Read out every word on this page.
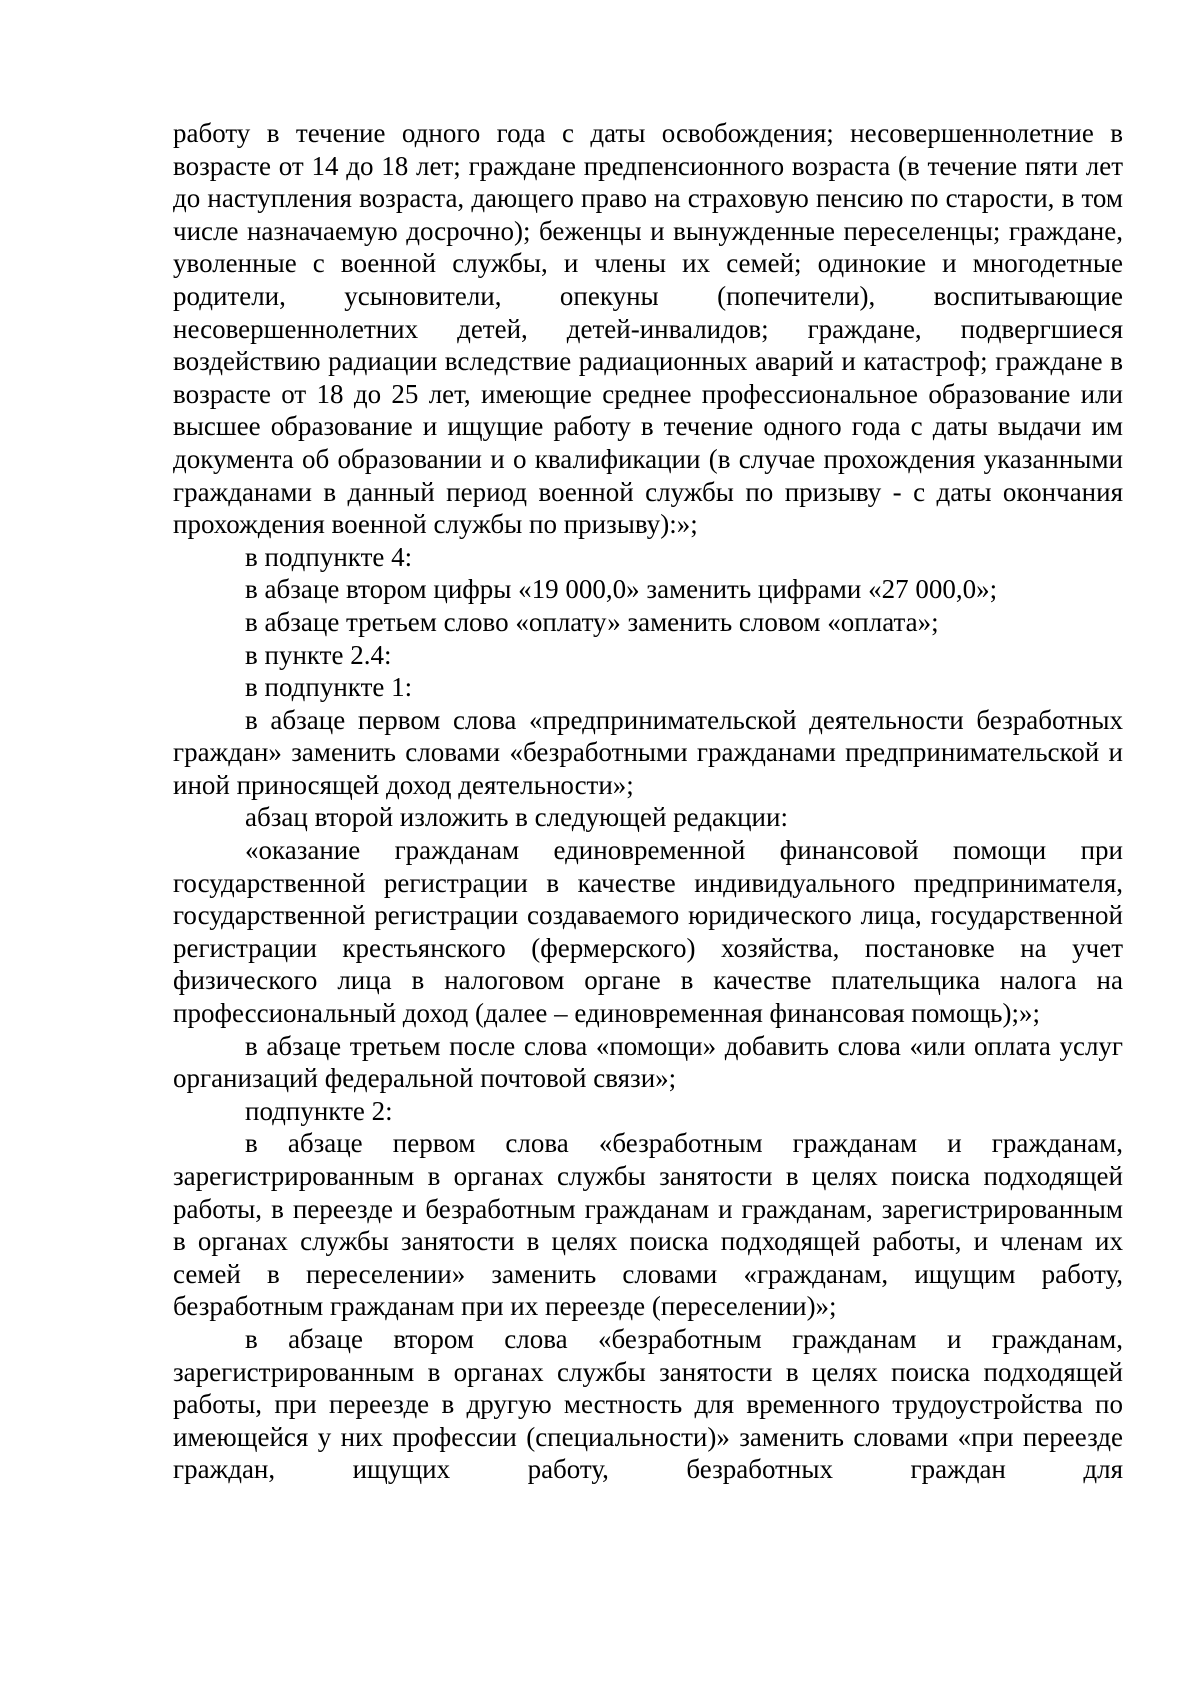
работу в течение одного года с даты освобождения; несовершеннолетние в возрасте от 14 до 18 лет; граждане предпенсионного возраста (в течение пяти лет до наступления возраста, дающего право на страховую пенсию по старости, в том числе назначаемую досрочно); беженцы и вынужденные переселенцы; граждане, уволенные с военной службы, и члены их семей; одинокие и многодетные родители, усыновители, опекуны (попечители), воспитывающие несовершеннолетних детей, детей-инвалидов; граждане, подвергшиеся воздействию радиации вследствие радиационных аварий и катастроф; граждане в возрасте от 18 до 25 лет, имеющие среднее профессиональное образование или высшее образование и ищущие работу в течение одного года с даты выдачи им документа об образовании и о квалификации (в случае прохождения указанными гражданами в данный период военной службы по призыву - с даты окончания прохождения военной службы по призыву):»;

в подпункте 4:

в абзаце втором цифры «19 000,0» заменить цифрами «27 000,0»;

в абзаце третьем слово «оплату» заменить словом «оплата»;

в пункте 2.4:

в подпункте 1:

в абзаце первом слова «предпринимательской деятельности безработных граждан» заменить словами «безработными гражданами предпринимательской и иной приносящей доход деятельности»;

абзац второй изложить в следующей редакции:

«оказание гражданам единовременной финансовой помощи при государственной регистрации в качестве индивидуального предпринимателя, государственной регистрации создаваемого юридического лица, государственной регистрации крестьянского (фермерского) хозяйства, постановке на учет физического лица в налоговом органе в качестве плательщика налога на профессиональный доход (далее – единовременная финансовая помощь);»;

в абзаце третьем после слова «помощи» добавить слова «или оплата услуг организаций федеральной почтовой связи»;

подпункте 2:

в абзаце первом слова «безработным гражданам и гражданам, зарегистрированным в органах службы занятости в целях поиска подходящей работы, в переезде и безработным гражданам и гражданам, зарегистрированным в органах службы занятости в целях поиска подходящей работы, и членам их семей в переселении» заменить словами «гражданам, ищущим работу, безработным гражданам при их переезде (переселении)»;

в абзаце втором слова «безработным гражданам и гражданам, зарегистрированным в органах службы занятости в целях поиска подходящей работы, при переезде в другую местность для временного трудоустройства по имеющейся у них профессии (специальности)» заменить словами «при переезде граждан, ищущих работу, безработных граждан для
